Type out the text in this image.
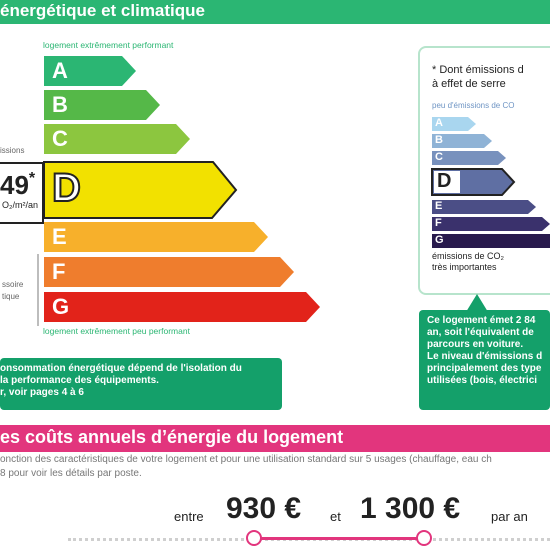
énergétique et climatique
logement extrêmement performant
A
B
C
D
E
F
G
issions
49*
O₂/m²/an
ssoire
tique
logement extrêmement peu performant
onsommation énergétique dépend de l'isolation du
la performance des équipements.
r, voir pages 4 à 6
* Dont émissions d
à effet de serre
peu d'émissions de CO
A
B
C
D
E
F
G
émissions de CO₂
très importantes
Ce logement émet 2 84
an, soit l'équivalent de
parcours en voiture.
Le niveau d'émissions d
principalement des type
utilisées (bois, électrici
es coûts annuels d’énergie du logement
onction des caractéristiques de votre logement et pour une utilisation standard sur 5 usages (chauffage, eau ch
8 pour voir les détails par poste.
entre 930 € et 1 300 € par an
